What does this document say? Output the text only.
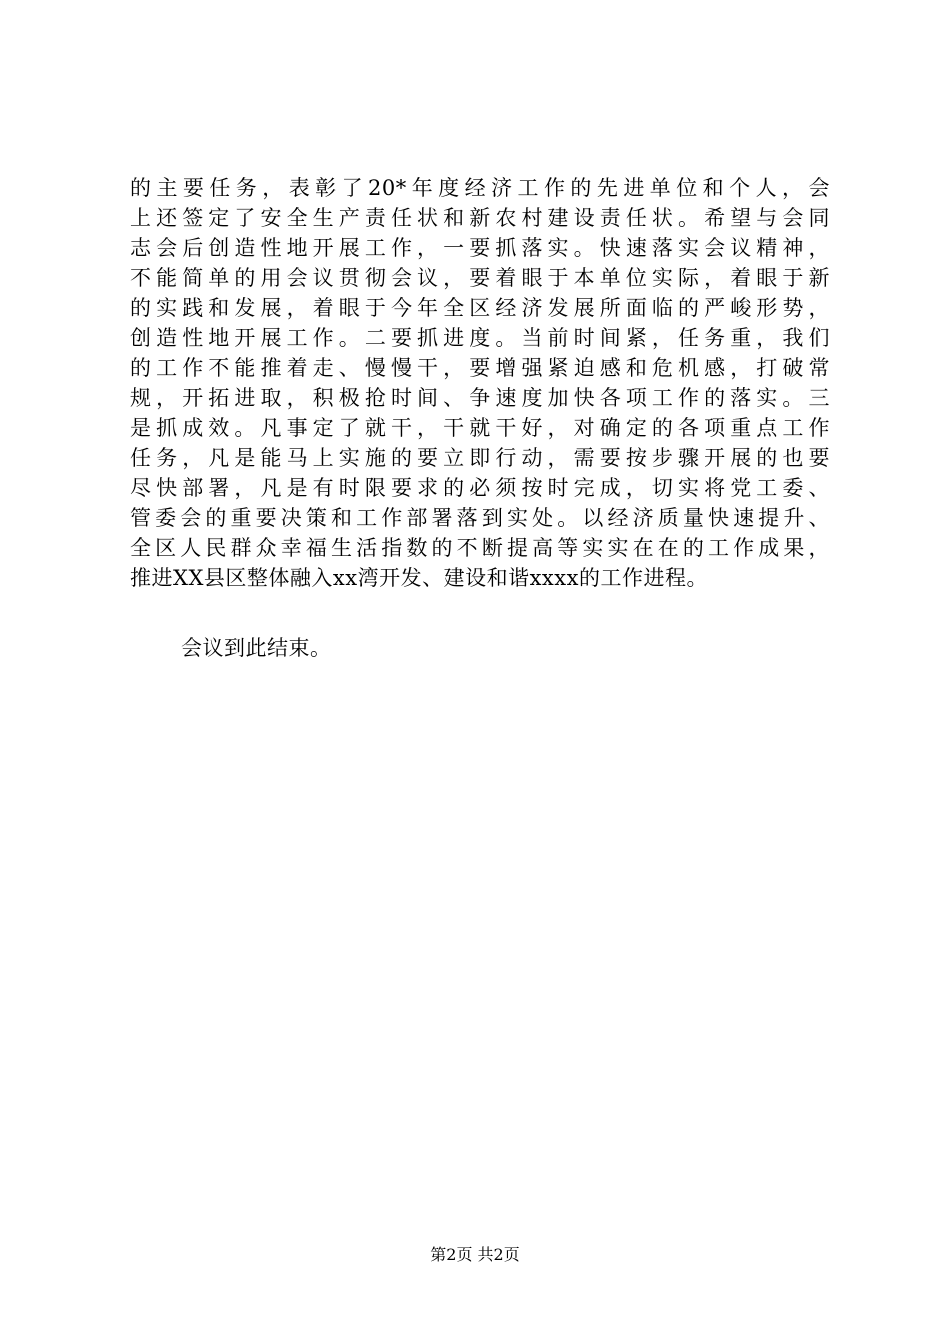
的主要任务，表彰了20*年度经济工作的先进单位和个人，会
上还签定了安全生产责任状和新农村建设责任状。希望与会同
志会后创造性地开展工作，一要抓落实。快速落实会议精神，
不能简单的用会议贯彻会议，要着眼于本单位实际，着眼于新
的实践和发展，着眼于今年全区经济发展所面临的严峻形势，
创造性地开展工作。二要抓进度。当前时间紧，任务重，我们
的工作不能推着走、慢慢干，要增强紧迫感和危机感，打破常
规，开拓进取，积极抢时间、争速度加快各项工作的落实。三
是抓成效。凡事定了就干，干就干好，对确定的各项重点工作
任务，凡是能马上实施的要立即行动，需要按步骤开展的也要
尽快部署，凡是有时限要求的必须按时完成，切实将党工委、
管委会的重要决策和工作部署落到实处。以经济质量快速提升、
全区人民群众幸福生活指数的不断提高等实实在在的工作成果，
推进XX县区整体融入xx湾开发、建设和谐xxxx的工作进程。
会议到此结束。
第2页 共2页
